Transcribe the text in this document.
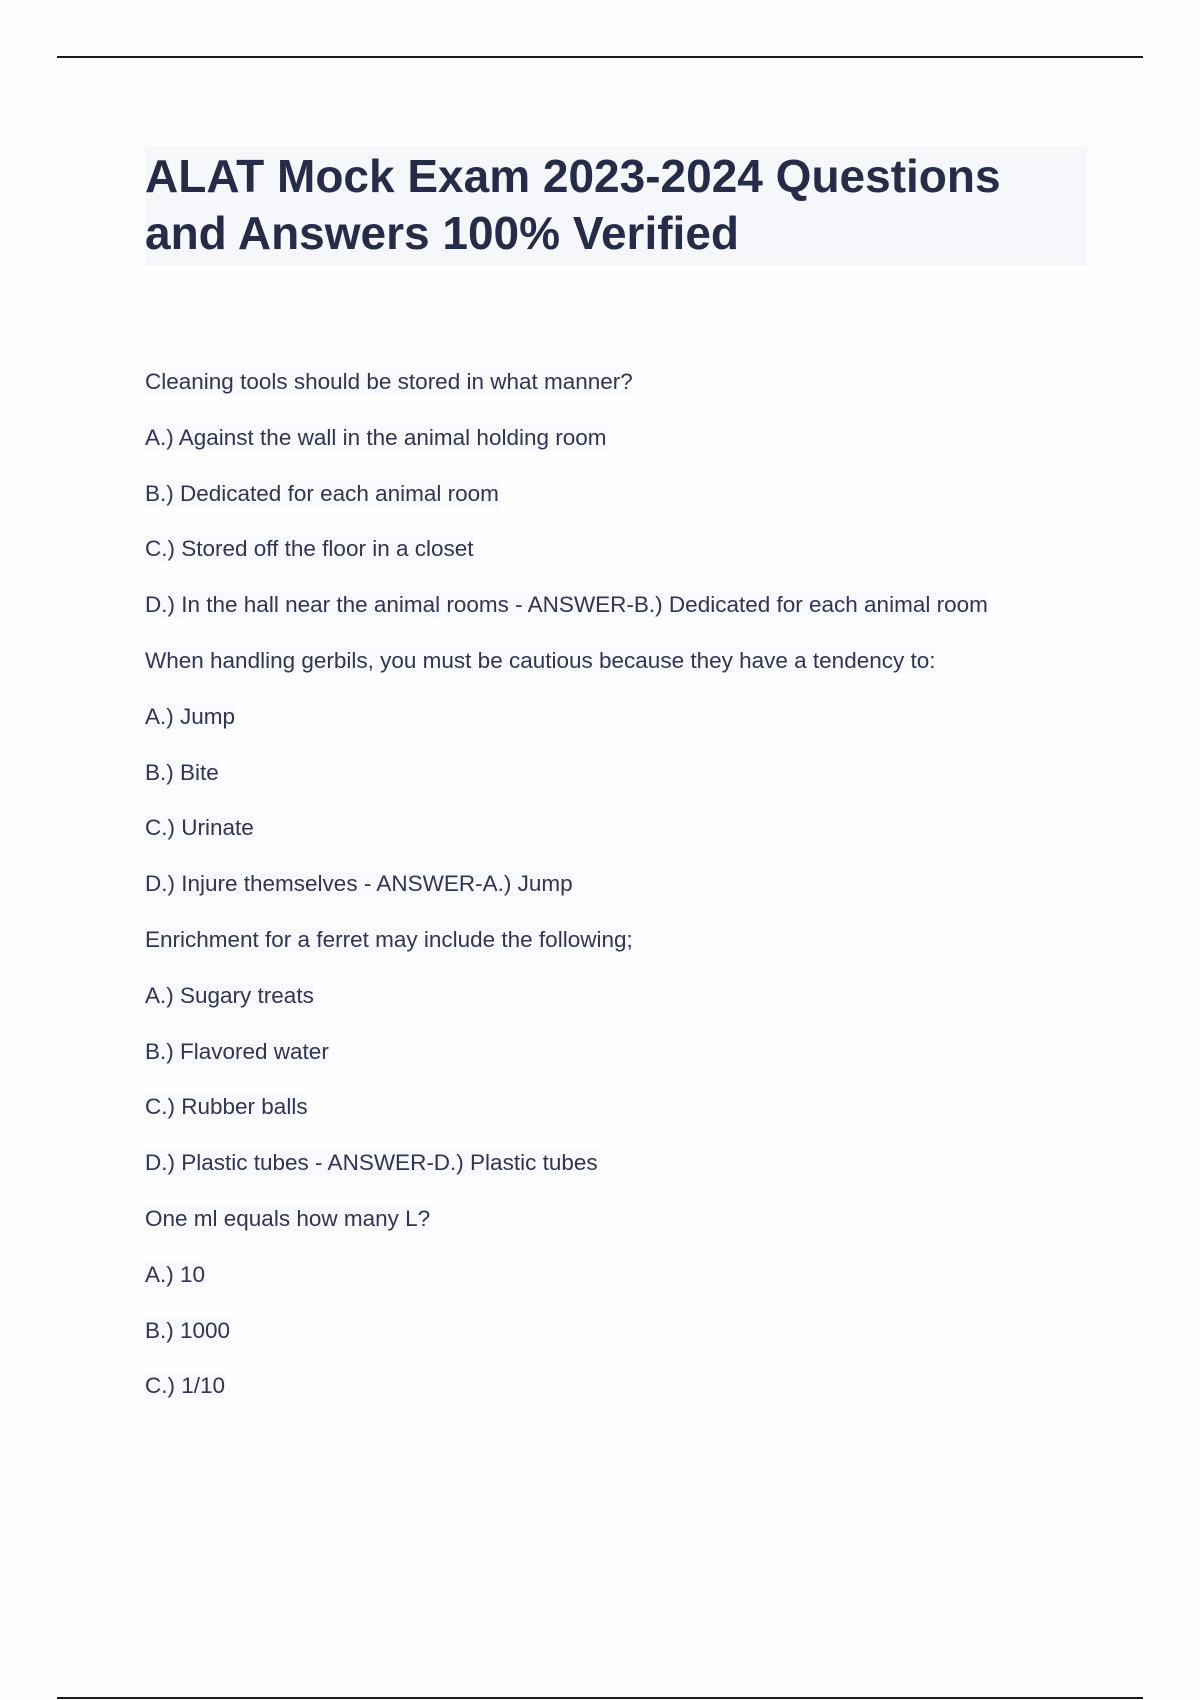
ALAT Mock Exam 2023-2024 Questions
and Answers 100% Verified
Cleaning tools should be stored in what manner?
A.) Against the wall in the animal holding room
B.) Dedicated for each animal room
C.) Stored off the floor in a closet
D.) In the hall near the animal rooms - ANSWER-B.) Dedicated for each animal room
When handling gerbils, you must be cautious because they have a tendency to:
A.) Jump
B.) Bite
C.) Urinate
D.) Injure themselves - ANSWER-A.) Jump
Enrichment for a ferret may include the following;
A.) Sugary treats
B.) Flavored water
C.) Rubber balls
D.) Plastic tubes - ANSWER-D.) Plastic tubes
One ml equals how many L?
A.) 10
B.) 1000
C.) 1/10
